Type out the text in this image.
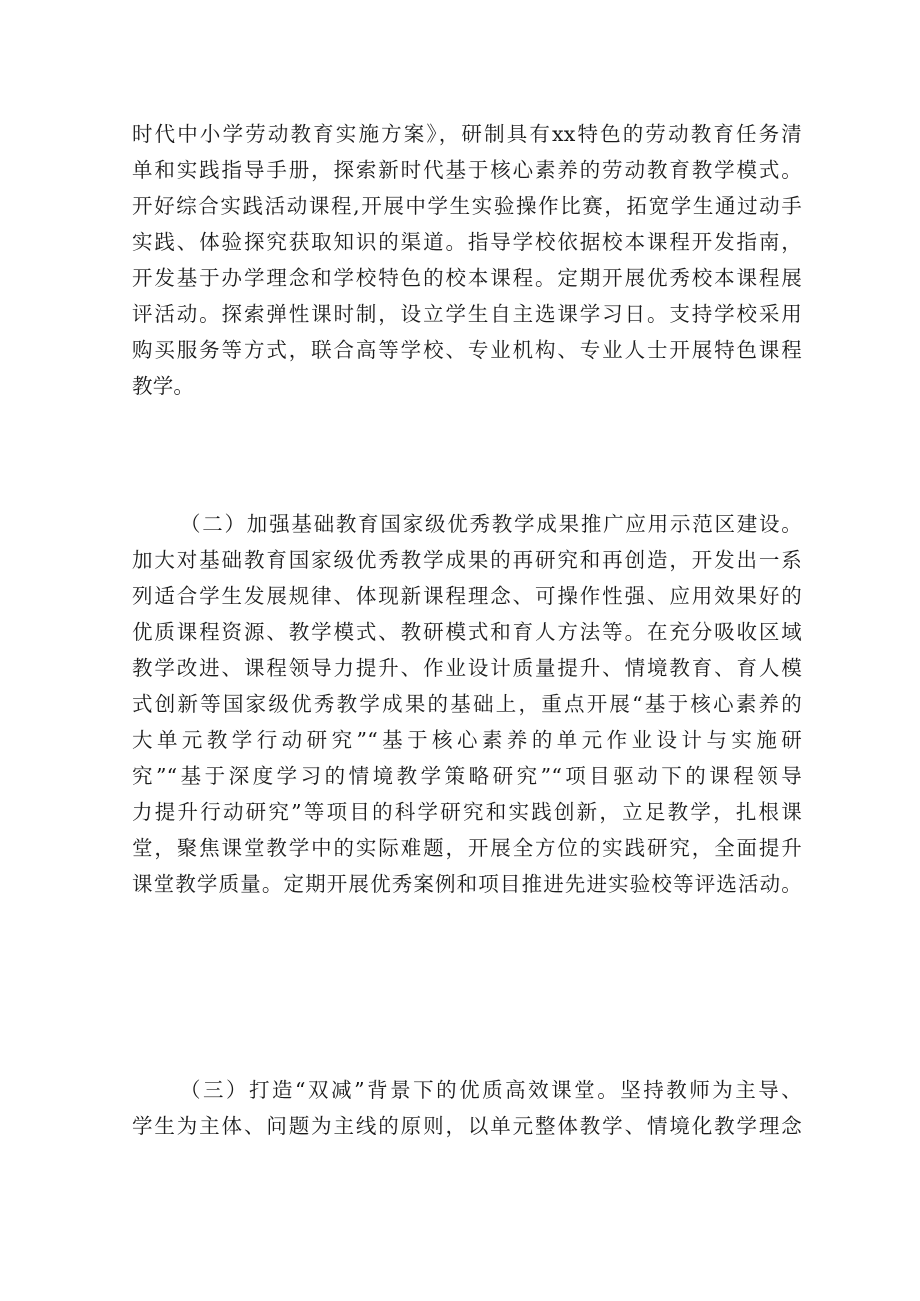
时代中小学劳动教育实施方案》，研制具有xx特色的劳动教育任务清
单和实践指导手册，探索新时代基于核心素养的劳动教育教学模式。
开好综合实践活动课程,开展中学生实验操作比赛，拓宽学生通过动手
实践、体验探究获取知识的渠道。指导学校依据校本课程开发指南，
开发基于办学理念和学校特色的校本课程。定期开展优秀校本课程展
评活动。探索弹性课时制，设立学生自主选课学习日。支持学校采用
购买服务等方式，联合高等学校、专业机构、专业人士开展特色课程
教学。
（二）加强基础教育国家级优秀教学成果推广应用示范区建设。
加大对基础教育国家级优秀教学成果的再研究和再创造，开发出一系
列适合学生发展规律、体现新课程理念、可操作性强、应用效果好的
优质课程资源、教学模式、教研模式和育人方法等。在充分吸收区域
教学改进、课程领导力提升、作业设计质量提升、情境教育、育人模
式创新等国家级优秀教学成果的基础上，重点开展“基于核心素养的
大单元教学行动研究”“基于核心素养的单元作业设计与实施研
究”“基于深度学习的情境教学策略研究”“项目驱动下的课程领导
力提升行动研究”等项目的科学研究和实践创新，立足教学，扎根课
堂，聚焦课堂教学中的实际难题，开展全方位的实践研究，全面提升
课堂教学质量。定期开展优秀案例和项目推进先进实验校等评选活动。
（三）打造“双减”背景下的优质高效课堂。坚持教师为主导、
学生为主体、问题为主线的原则，以单元整体教学、情境化教学理念
